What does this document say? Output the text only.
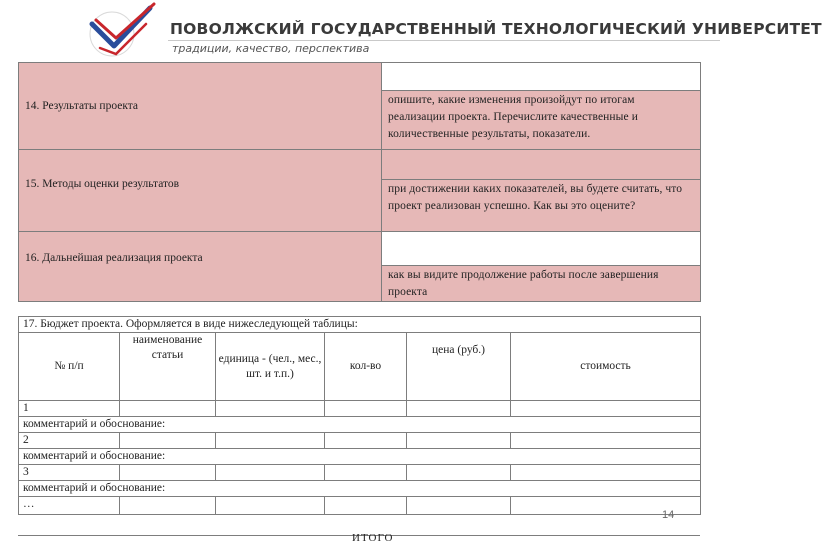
ПОВОЛЖСКИЙ ГОСУДАРСТВЕННЫЙ ТЕХНОЛОГИЧЕСКИЙ УНИВЕРСИТЕТ
традиции, качество, перспектива
14. Результаты проекта	

	опишите, какие изменения произойдут по итогам реализации проекта. Перечислите качественные и количественные результаты, показатели.

15. Методы оценки результатов	

	при достижении каких показателей, вы будете считать, что проект реализован успешно. Как вы это оцените?

16. Дальнейшая реализация проекта	

	как вы видите продолжение работы после завершения проекта
17. Бюджет проекта. Оформляется в виде нижеследующей таблицы:					
№ п/п	наименование статьи	единица - (чел., мес., шт. и т.п.)	кол-во	цена (руб.)	стоимость
1					
комментарий и обоснование:					
2					
комментарий и обоснование:					
3					
комментарий и обоснование:					
…					
14
ИТОГО
